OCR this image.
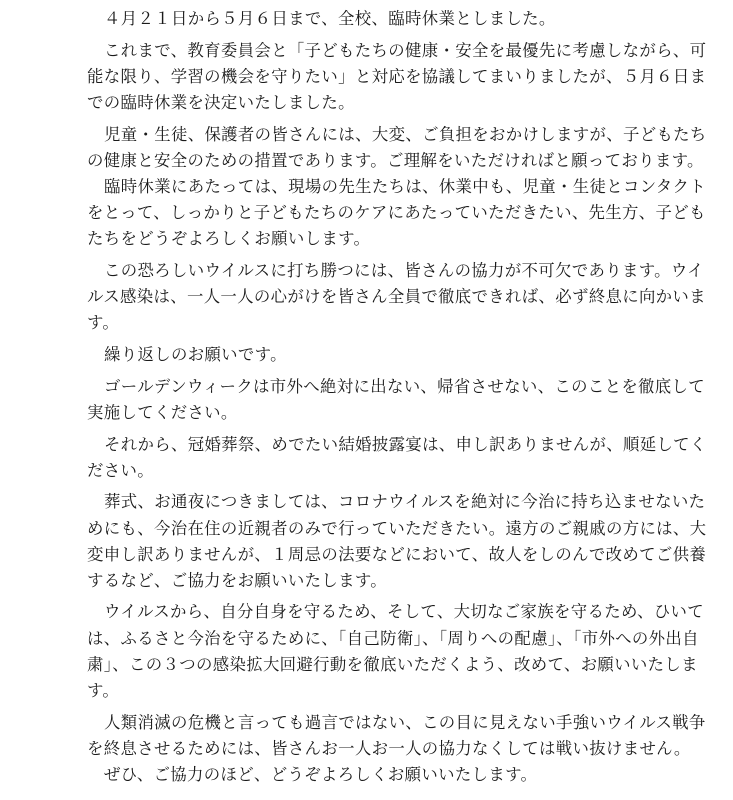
４月２１日から５月６日まで、全校、臨時休業としました。
これまで、教育委員会と「子どもたちの健康・安全を最優先に考慮しながら、可
能な限り、学習の機会を守りたい」と対応を協議してまいりましたが、５月６日ま
での臨時休業を決定いたしました。
児童・生徒、保護者の皆さんには、大変、ご負担をおかけしますが、子どもたち
の健康と安全のための措置であります。ご理解をいただければと願っております。
臨時休業にあたっては、現場の先生たちは、休業中も、児童・生徒とコンタクト
をとって、しっかりと子どもたちのケアにあたっていただきたい、先生方、子ども
たちをどうぞよろしくお願いします。
この恐ろしいウイルスに打ち勝つには、皆さんの協力が不可欠であります。ウイ
ルス感染は、一人一人の心がけを皆さん全員で徹底できれば、必ず終息に向かいま
す。
繰り返しのお願いです。
ゴールデンウィークは市外へ絶対に出ない、帰省させない、このことを徹底して
実施してください。
それから、冠婚葬祭、めでたい結婚披露宴は、申し訳ありませんが、順延してく
ださい。
葬式、お通夜につきましては、コロナウイルスを絶対に今治に持ち込ませないた
めにも、今治在住の近親者のみで行っていただきたい。遠方のご親戚の方には、大
変申し訳ありませんが、１周忌の法要などにおいて、故人をしのんで改めてご供養
するなど、ご協力をお願いいたします。
ウイルスから、自分自身を守るため、そして、大切なご家族を守るため、ひいて
は、ふるさと今治を守るために、「自己防衛」、「周りへの配慮」、「市外への外出自
粛」、この３つの感染拡大回避行動を徹底いただくよう、改めて、お願いいたしま
す。
人類消滅の危機と言っても過言ではない、この目に見えない手強いウイルス戦争
を終息させるためには、皆さんお一人お一人の協力なくしては戦い抜けません。
ぜひ、ご協力のほど、どうぞよろしくお願いいたします。
